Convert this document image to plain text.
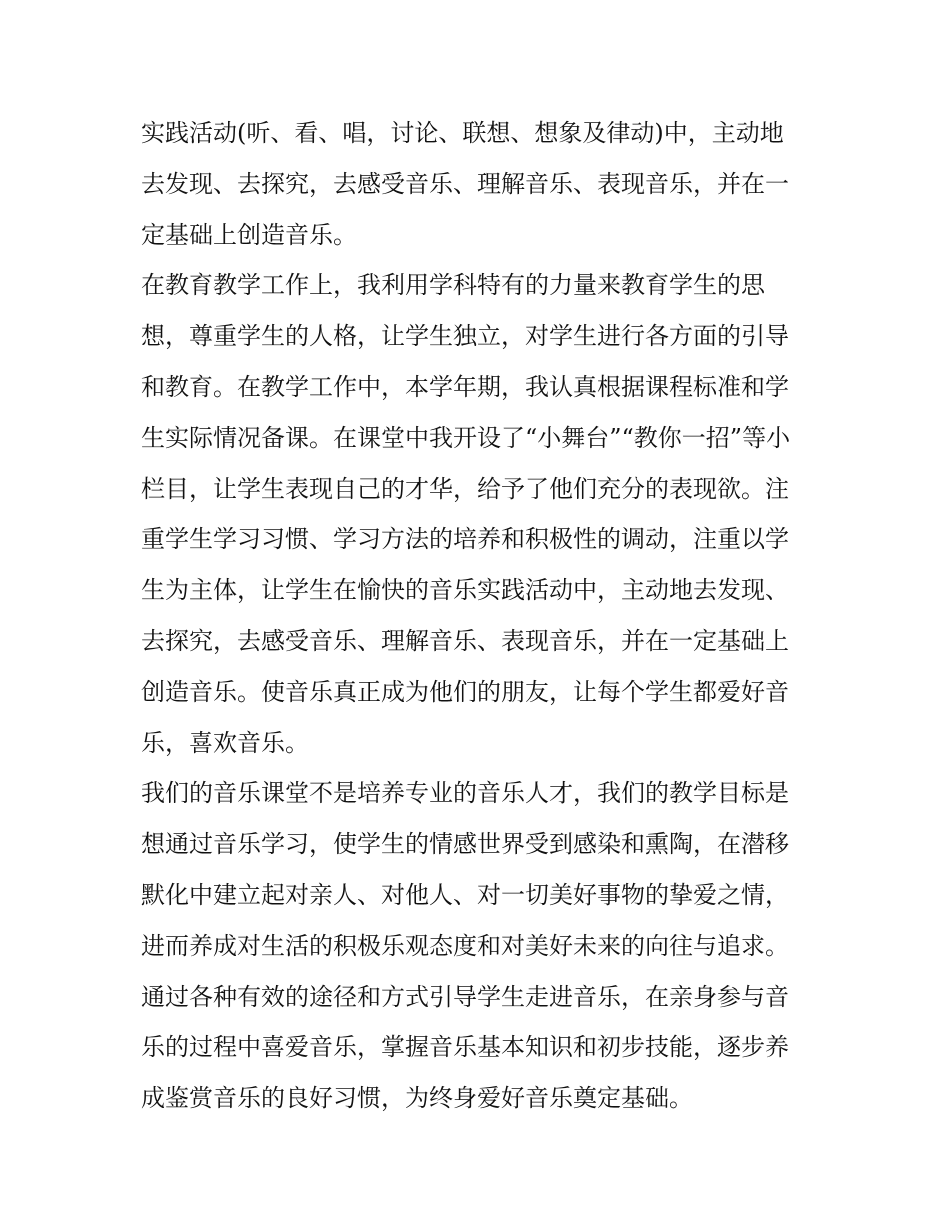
实践活动(听、看、唱，讨论、联想、想象及律动)中，主动地
去发现、去探究，去感受音乐、理解音乐、表现音乐，并在一
定基础上创造音乐。
在教育教学工作上，我利用学科特有的力量来教育学生的思
想，尊重学生的人格，让学生独立，对学生进行各方面的引导
和教育。在教学工作中，本学年期，我认真根据课程标准和学
生实际情况备课。在课堂中我开设了“小舞台”“教你一招”等小
栏目，让学生表现自己的才华，给予了他们充分的表现欲。注
重学生学习习惯、学习方法的培养和积极性的调动，注重以学
生为主体，让学生在愉快的音乐实践活动中，主动地去发现、
去探究，去感受音乐、理解音乐、表现音乐，并在一定基础上
创造音乐。使音乐真正成为他们的朋友，让每个学生都爱好音
乐，喜欢音乐。
我们的音乐课堂不是培养专业的音乐人才，我们的教学目标是
想通过音乐学习，使学生的情感世界受到感染和熏陶，在潜移
默化中建立起对亲人、对他人、对一切美好事物的挚爱之情，
进而养成对生活的积极乐观态度和对美好未来的向往与追求。
通过各种有效的途径和方式引导学生走进音乐，在亲身参与音
乐的过程中喜爱音乐，掌握音乐基本知识和初步技能，逐步养
成鉴赏音乐的良好习惯，为终身爱好音乐奠定基础。
